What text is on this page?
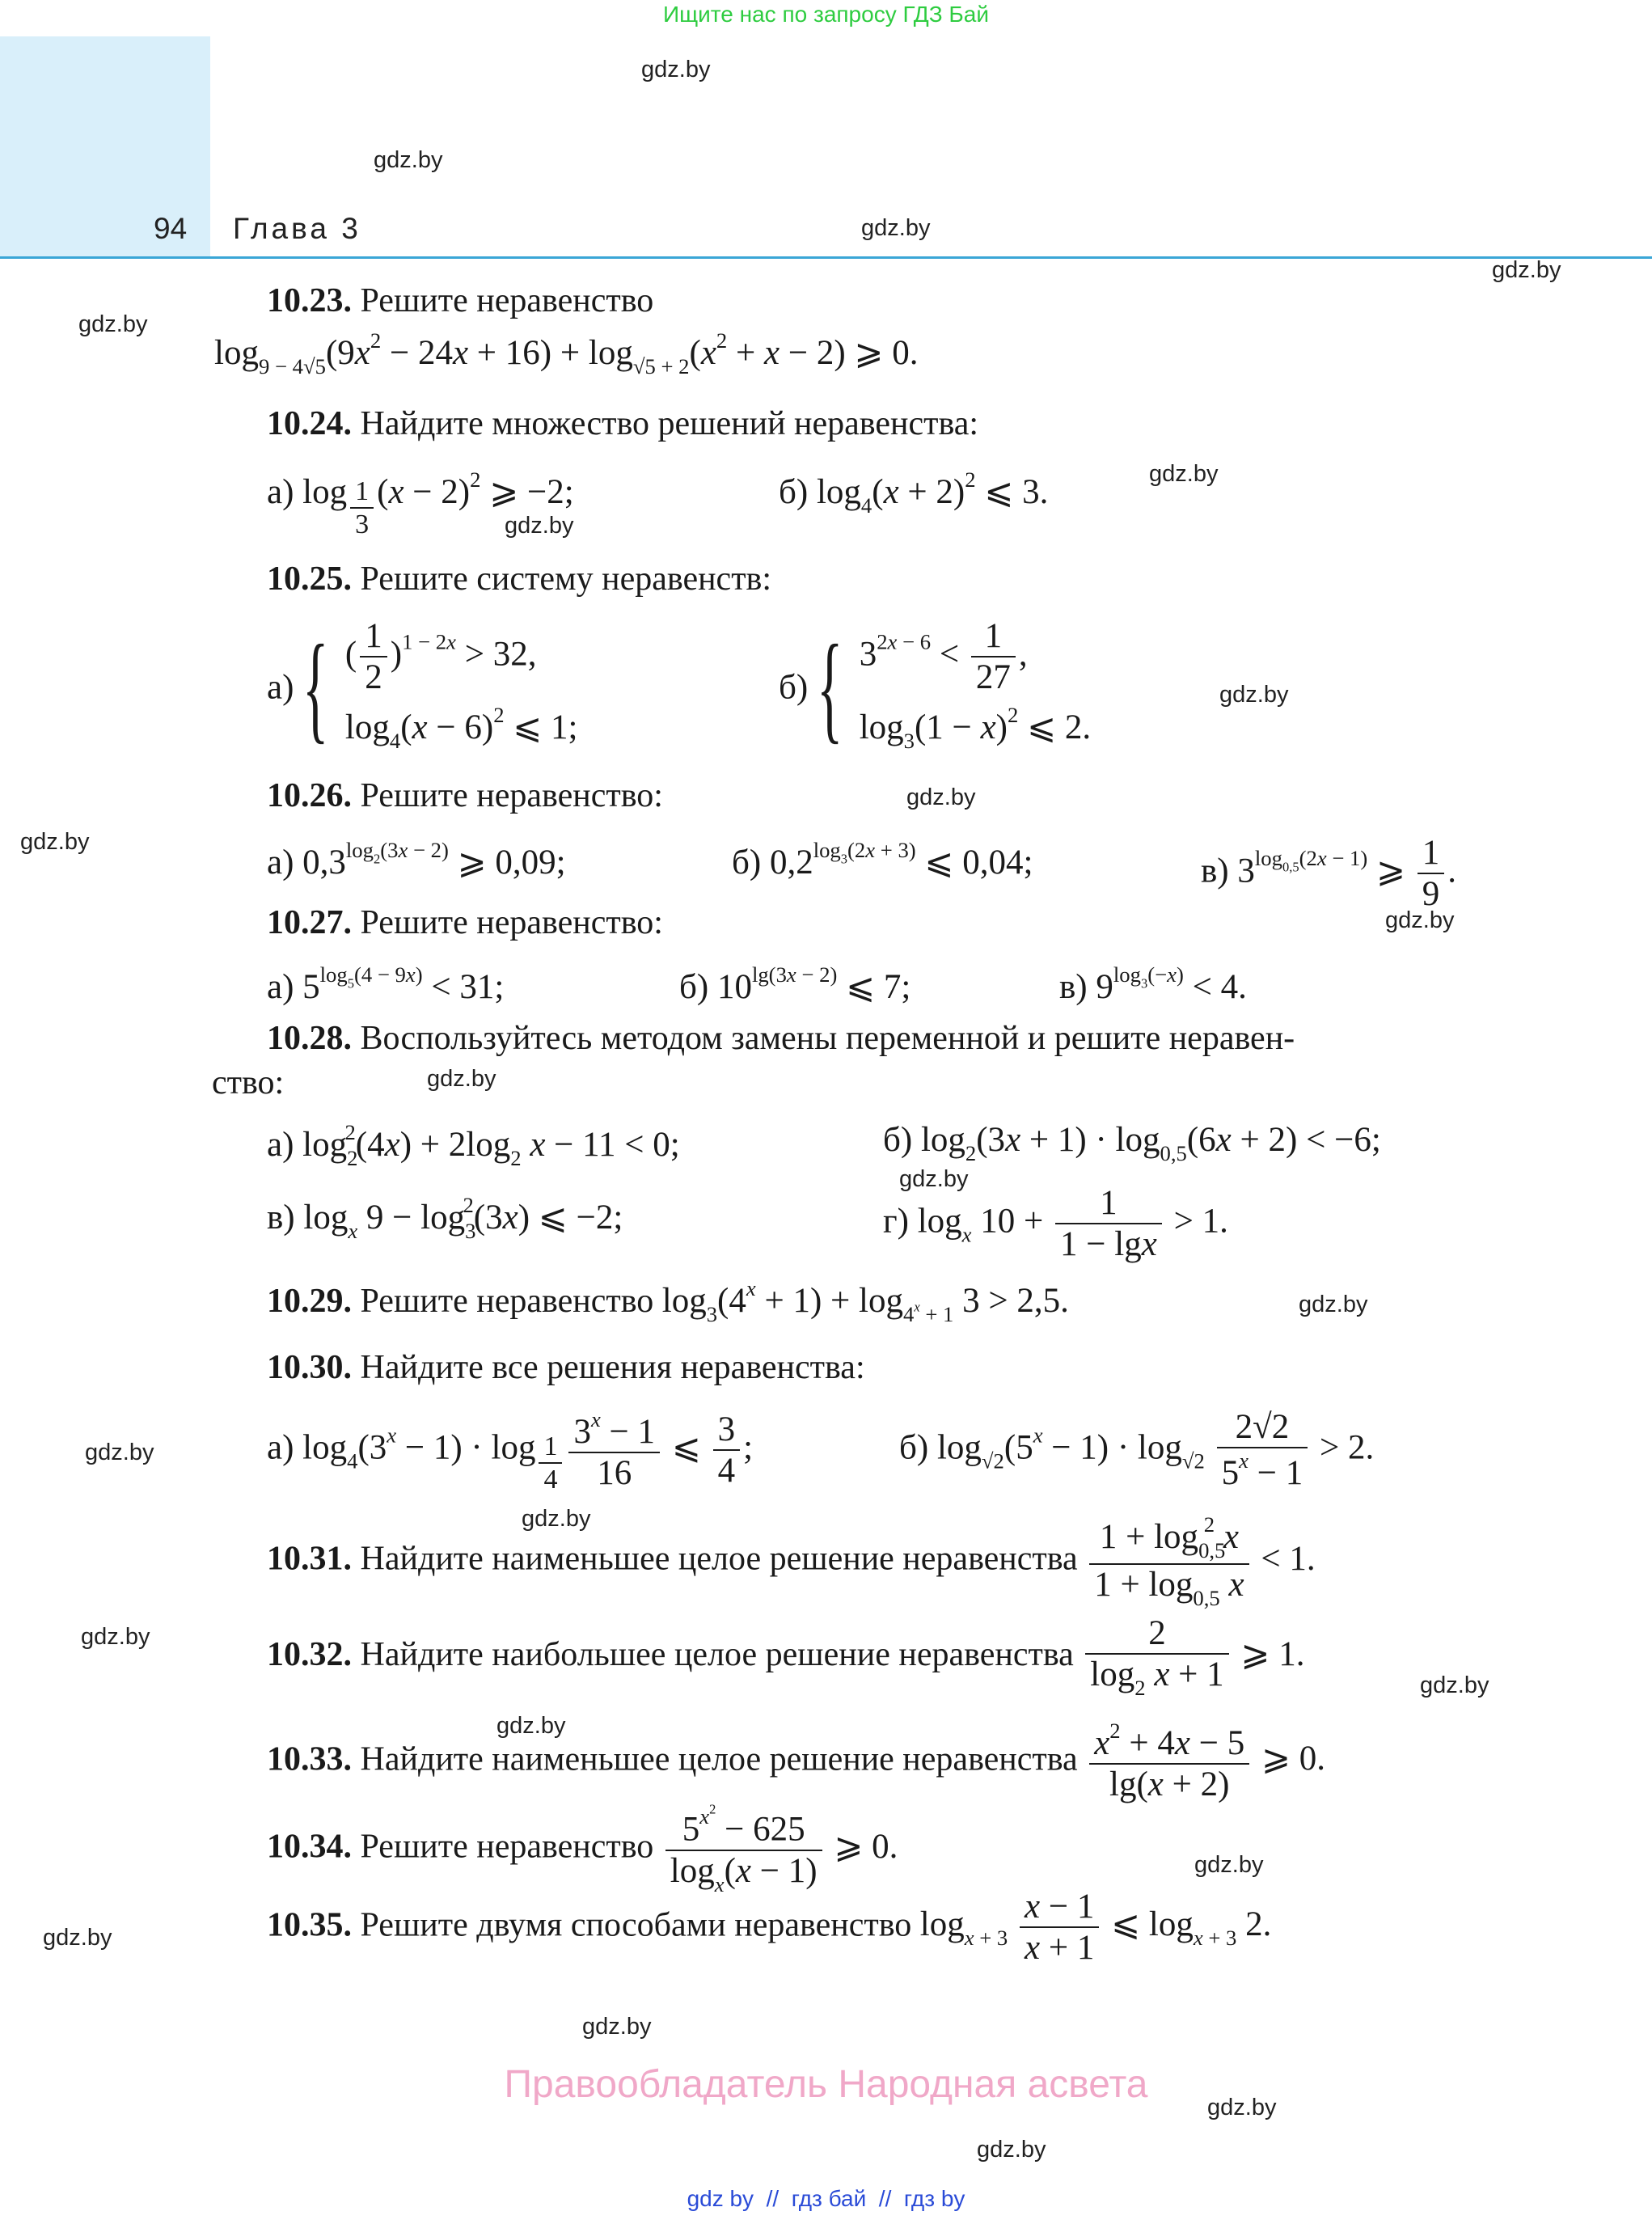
Ищите нас по запросу ГДЗ Бай
94 Глава 3
gdz.by
gdz.by
gdz.by
gdz.by
gdz.by
gdz.by
gdz.by
gdz.by
gdz.by
gdz.by
gdz.by
gdz.by
gdz.by
gdz.by
gdz.by
gdz.by
gdz.by
gdz.by
gdz.by
gdz.by
gdz.by
gdz.by
gdz.by
gdz.by
10.23. Решите неравенство
$\log_{9 - 4√5}(9x^2 - 24x + 16) + \log_{√5 + 2}(x^2 + x - 2)$ ⩾ 0.
10.24. Найдите множество решений неравенства:
а) log $_{\frac{1}{3}}$ $(x - 2)^2$ ⩾ −2;	б) $\log_4(x + 2)^2$ ⩽ 3.
10.25. Решите систему неравенств:
а) { ( $\frac{1}{2} )^{1 - 2x} > 32$,
$\log_4(x - 6)^2$ ⩽ 1;
б) { $3^{2x - 6} < \frac{1}{27}$ ,
$\log_3(1 - x)^2$ ⩽ 2.
10.26. Решите неравенство:
а) $0,3^{log_2(3x - 2)}$ ⩾ 0,09;	б) $0,2^{log_3(2x + 3)}$ ⩽ 0,04;	в) $3^{log_{0,5}(2x - 1)}$ ⩾ $\frac{1}{9}$ .
10.27. Решите неравенство:
а) $5^{log_5(4 - 9x)} < 31$;	б) $10^{lg(3x - 2)}$ ⩽ 7;	в) $9^{log_3(-x)} < 4$.
10.28. Воспользуйтесь методом замены переменной и решите неравен-
ство:
а) $\log_2^2(4x) + 2\log_2$ x − 11 < 0;	б) $\log_2(3x + 1) \cdot \log_{0,5}(6x + 2) < -6$;
в) $\log_x 9 - \log_3^2(3x)$ ⩽ −2;	г) $\log_x 10 + \frac{1}{1 - \lg x} > 1$.
10.29. Решите неравенство $\log_3(4^x + 1) + \log_{4^x + 1} 3 > 2,5$.
10.30. Найдите все решения неравенства:
а) $\log_4(3^x - 1) \cdot \log _{\frac{1}{4}} \frac{3^x - 1}{16}$ ⩽ $\frac{3}{4}$ ;	б) $\log_{√2}(5^x - 1) \cdot \log_{√2} \frac{2√2}{5^x - 1} > 2$.
10.31. Найдите наименьшее целое решение неравенства $\frac{1 + \log_{0,5}^2 x}{1 + \log_{0,5} x} < 1$.
10.32. Найдите наибольшее целое решение неравенства $\frac{2}{\log_2 x + 1}$ ⩾ 1.
10.33. Найдите наименьшее целое решение неравенства $\frac{x^2 + 4x - 5}{\lg(x + 2)}$ ⩾ 0.
10.34. Решите неравенство $\frac{5^{x^2} - 625}{\log_x(x - 1)}$ ⩾ 0.
10.35. Решите двумя способами неравенство $\log_{x + 3} \frac{x - 1}{x + 1}$ ⩽ $\log_{x + 3} 2$.
Правообладатель Народная асвета
gdz by  //  гдз бай  //  гдз by
